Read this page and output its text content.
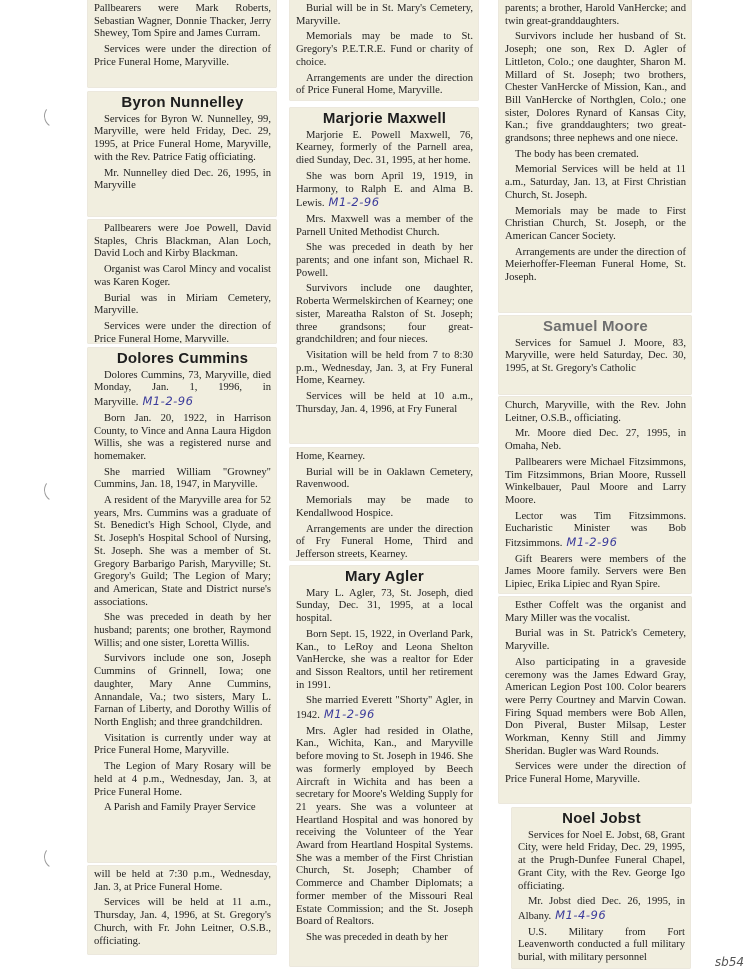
Pallbearers were Mark Roberts, Sebastian Wagner, Donnie Thacker, Jerry Shewey, Tom Spire and James Curram.

Services were under the direction of Price Funeral Home, Maryville.

Byron Nunnelley

Services for Byron W. Nunnelley, 99, Maryville, were held Friday, Dec. 29, 1995, at Price Funeral Home, Maryville, with the Rev. Patrice Fatig officiating.

Mr. Nunnelley died Dec. 26, 1995, in Maryville

Pallbearers were Joe Powell, David Staples, Chris Blackman, Alan Loch, David Loch and Kirby Blackman.

Organist was Carol Mincy and vocalist was Karen Koger.

Burial was in Miriam Cemetery, Maryville.

Services were under the direction of Price Funeral Home, Maryville.

Dolores Cummins

Dolores Cummins, 73, Maryville, died Monday, Jan. 1, 1996, in Maryville. M1-2-96

Born Jan. 20, 1922, in Harrison County, to Vince and Anna Laura Higdon Willis, she was a registered nurse and homemaker.

She married William "Growney" Cummins, Jan. 18, 1947, in Maryville.

A resident of the Maryville area for 52 years, Mrs. Cummins was a graduate of St. Benedict's High School, Clyde, and St. Joseph's Hospital School of Nursing, St. Joseph. She was a member of St. Gregory Barbarigo Parish, Maryville; St. Gregory's Guild; The Legion of Mary; and American, State and District nurse's associations.

She was preceded in death by her husband; parents; one brother, Raymond Willis; and one sister, Loretta Willis.

Survivors include one son, Joseph Cummins of Grinnell, Iowa; one daughter, Mary Anne Cummins, Annandale, Va.; two sisters, Mary L. Farnan of Liberty, and Dorothy Willis of North English; and three grandchildren.

Visitation is currently under way at Price Funeral Home, Maryville.

The Legion of Mary Rosary will be held at 4 p.m., Wednesday, Jan. 3, at Price Funeral Home.

A Parish and Family Prayer Service

will be held at 7:30 p.m., Wednesday, Jan. 3, at Price Funeral Home.

Services will be held at 11 a.m., Thursday, Jan. 4, 1996, at St. Gregory's Church, with Fr. John Leitner, O.S.B., officiating.

Burial will be in St. Mary's Cemetery, Maryville.

Memorials may be made to St. Gregory's P.E.T.R.E. Fund or charity of choice.

Arrangements are under the direction of Price Funeral Home, Maryville.

Marjorie Maxwell

Marjorie E. Powell Maxwell, 76, Kearney, formerly of the Parnell area, died Sunday, Dec. 31, 1995, at her home.

She was born April 19, 1919, in Harmony, to Ralph E. and Alma B. Lewis. M1-2-96

Mrs. Maxwell was a member of the Parnell United Methodist Church.

She was preceded in death by her parents; and one infant son, Michael R. Powell.

Survivors include one daughter, Roberta Wermelskirchen of Kearney; one sister, Mareatha Ralston of St. Joseph; three grandsons; four great-grandchildren; and four nieces.

Visitation will be held from 7 to 8:30 p.m., Wednesday, Jan. 3, at Fry Funeral Home, Kearney.

Services will be held at 10 a.m., Thursday, Jan. 4, 1996, at Fry Funeral

Home, Kearney.

Burial will be in Oaklawn Cemetery, Ravenwood.

Memorials may be made to Kendallwood Hospice.

Arrangements are under the direction of Fry Funeral Home, Third and Jefferson streets, Kearney.

Mary Agler

Mary L. Agler, 73, St. Joseph, died Sunday, Dec. 31, 1995, at a local hospital.

Born Sept. 15, 1922, in Overland Park, Kan., to LeRoy and Leona Shelton VanHercke, she was a realtor for Eder and Sisson Realtors, until her retirement in 1991.

She married Everett "Shorty" Agler, in 1942. M1-2-96

Mrs. Agler had resided in Olathe, Kan., Wichita, Kan., and Maryville before moving to St. Joseph in 1946. She was formerly employed by Beech Aircraft in Wichita and has been a secretary for Moore's Welding Supply for 21 years. She was a volunteer at Heartland Hospital and was honored by receiving the Volunteer of the Year Award from Heartland Hospital Systems. She was a member of the First Christian Church, St. Joseph; Chamber of Commerce and Chamber Diplomats; a former member of the Missouri Real Estate Commission; and the St. Joseph Board of Realtors.

She was preceded in death by her

parents; a brother, Harold VanHercke; and twin great-granddaughters.

Survivors include her husband of St. Joseph; one son, Rex D. Agler of Littleton, Colo.; one daughter, Sharon M. Millard of St. Joseph; two brothers, Chester VanHercke of Mission, Kan., and Bill VanHercke of Northglen, Colo.; one sister, Dolores Rynard of Kansas City, Kan.; five granddaughters; two great-grandsons; three nephews and one niece.

The body has been cremated.

Memorial Services will be held at 11 a.m., Saturday, Jan. 13, at First Christian Church, St. Joseph.

Memorials may be made to First Christian Church, St. Joseph, or the American Cancer Society.

Arrangements are under the direction of Meierhoffer-Fleeman Funeral Home, St. Joseph.

Samuel Moore

Services for Samuel J. Moore, 83, Maryville, were held Saturday, Dec. 30, 1995, at St. Gregory's Catholic

Church, Maryville, with the Rev. John Leitner, O.S.B., officiating.

Mr. Moore died Dec. 27, 1995, in Omaha, Neb.

Pallbearers were Michael Fitzsimmons, Tim Fitzsimmons, Brian Moore, Russell Winkelbauer, Paul Moore and Larry Moore.

Lector was Tim Fitzsimmons. Eucharistic Minister was Bob Fitzsimmons. M1-2-96

Gift Bearers were members of the James Moore family. Servers were Ben Lipiec, Erika Lipiec and Ryan Spire.

Esther Coffelt was the organist and Mary Miller was the vocalist.

Burial was in St. Patrick's Cemetery, Maryville.

Also participating in a graveside ceremony was the James Edward Gray, American Legion Post 100. Color bearers were Perry Courtney and Marvin Cowan. Firing Squad members were Bob Allen, Don Piveral, Buster Milsap, Lester Workman, Kenny Still and Jimmy Sheridan. Bugler was Ward Rounds.

Services were under the direction of Price Funeral Home, Maryville.

Noel Jobst

Services for Noel E. Jobst, 68, Grant City, were held Friday, Dec. 29, 1995, at the Prugh-Dunfee Funeral Chapel, Grant City, with the Rev. George Igo officiating.

Mr. Jobst died Dec. 26, 1995, in Albany. M1-4-96

U.S. Military from Fort Leavenworth conducted a full military burial, with military personnel	sb54
